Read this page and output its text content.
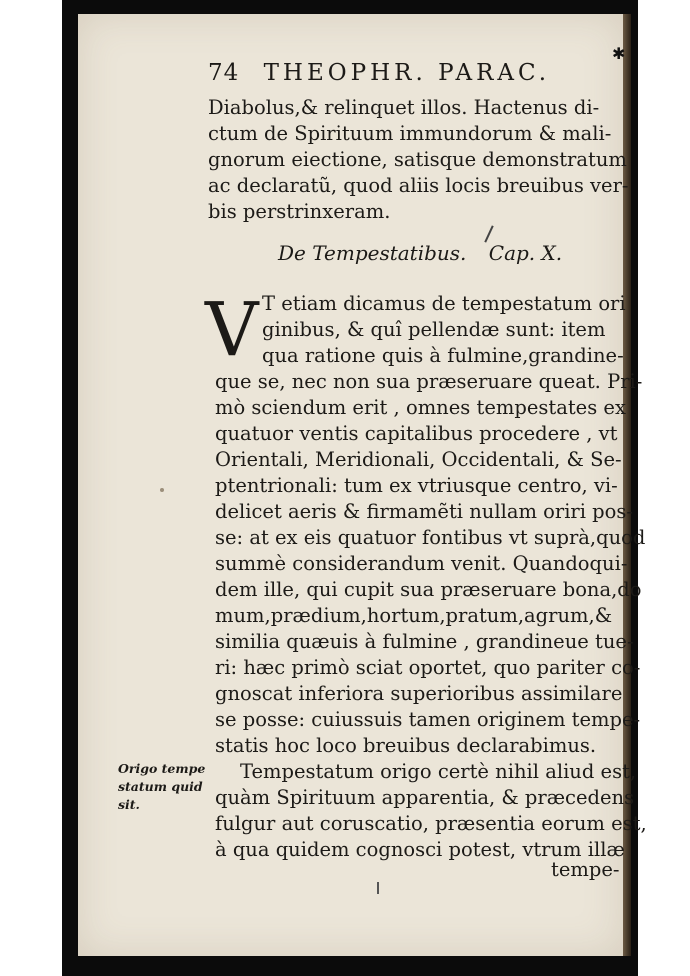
✱
74 THEOPHR. PARAC.
Diabolus,& relinquet illos. Hactenus di-
ctum de Spirituum immundorum & mali-
gnorum eiectione, satisque demonstratum
ac declaratũ, quod aliis locis breuibus ver-
bis perstrinxeram.
De Tempestatibus. Cap. X.
V T etiam dicamus de tempestatum ori
ginibus, & quî pellendæ sunt: item
qua ratione quis à fulmine,grandine-
que se, nec non sua præseruare queat. Pri-
mò sciendum erit , omnes tempestates ex
quatuor ventis capitalibus procedere , vt
Orientali, Meridionali, Occidentali, & Se-
ptentrionali: tum ex vtriusque centro, vi-
delicet aeris & firmamẽti nullam oriri pos-
se: at ex eis quatuor fontibus vt suprà,quod
summè considerandum venit. Quandoqui-
dem ille, qui cupit sua præseruare bona,do
mum,prædium,hortum,pratum,agrum,&
similia quæuis à fulmine , grandineue tue-
ri: hæc primò sciat oportet, quo pariter co-
gnoscat inferiora superioribus assimilare
se posse: cuiussuis tamen originem tempe-
statis hoc loco breuibus declarabimus.
Tempestatum origo certè nihil aliud est,
quàm Spirituum apparentia, & præcedens
fulgur aut coruscatio, præsentia eorum est,
à qua quidem cognosci potest, vtrum illæ
tempe-
Origo tempe
statum quid
sit.
